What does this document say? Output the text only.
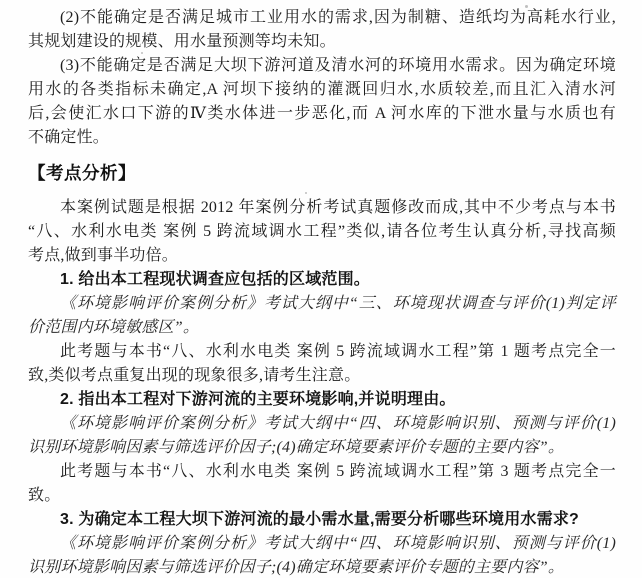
(2)不能确定是否满足城市工业用水的需求,因为制糖、造纸均为高耗水行业,
其规划建设的规模、用水量预测等均未知。
(3)不能确定是否满足大坝下游河道及清水河的环境用水需求。因为确定环境
用水的各类指标未确定,A 河坝下接纳的灌溉回归水,水质较差,而且汇入清水河
后,会使汇水口下游的Ⅳ类水体进一步恶化,而 A 河水库的下泄水量与水质也有
不确定性。
【考点分析】
本案例试题是根据 2012 年案例分析考试真题修改而成,其中不少考点与本书
“八、水利水电类 案例 5 跨流域调水工程”类似,请各位考生认真分析,寻找高频
考点,做到事半功倍。
1. 给出本工程现状调查应包括的区域范围。
《环境影响评价案例分析》考试大纲中“三、环境现状调查与评价(1)判定评
价范围内环境敏感区”。
此考题与本书“八、水利水电类 案例 5 跨流域调水工程”第 1 题考点完全一
致,类似考点重复出现的现象很多,请考生注意。
2. 指出本工程对下游河流的主要环境影响,并说明理由。
《环境影响评价案例分析》考试大纲中“四、环境影响识别、预测与评价(1)
识别环境影响因素与筛选评价因子;(4)确定环境要素评价专题的主要内容”。
此考题与本书“八、水利水电类 案例 5 跨流域调水工程”第 3 题考点完全一
致。
3. 为确定本工程大坝下游河流的最小需水量,需要分析哪些环境用水需求?
《环境影响评价案例分析》考试大纲中“四、环境影响识别、预测与评价(1)
识别环境影响因素与筛选评价因子;(4)确定环境要素评价专题的主要内容”。
